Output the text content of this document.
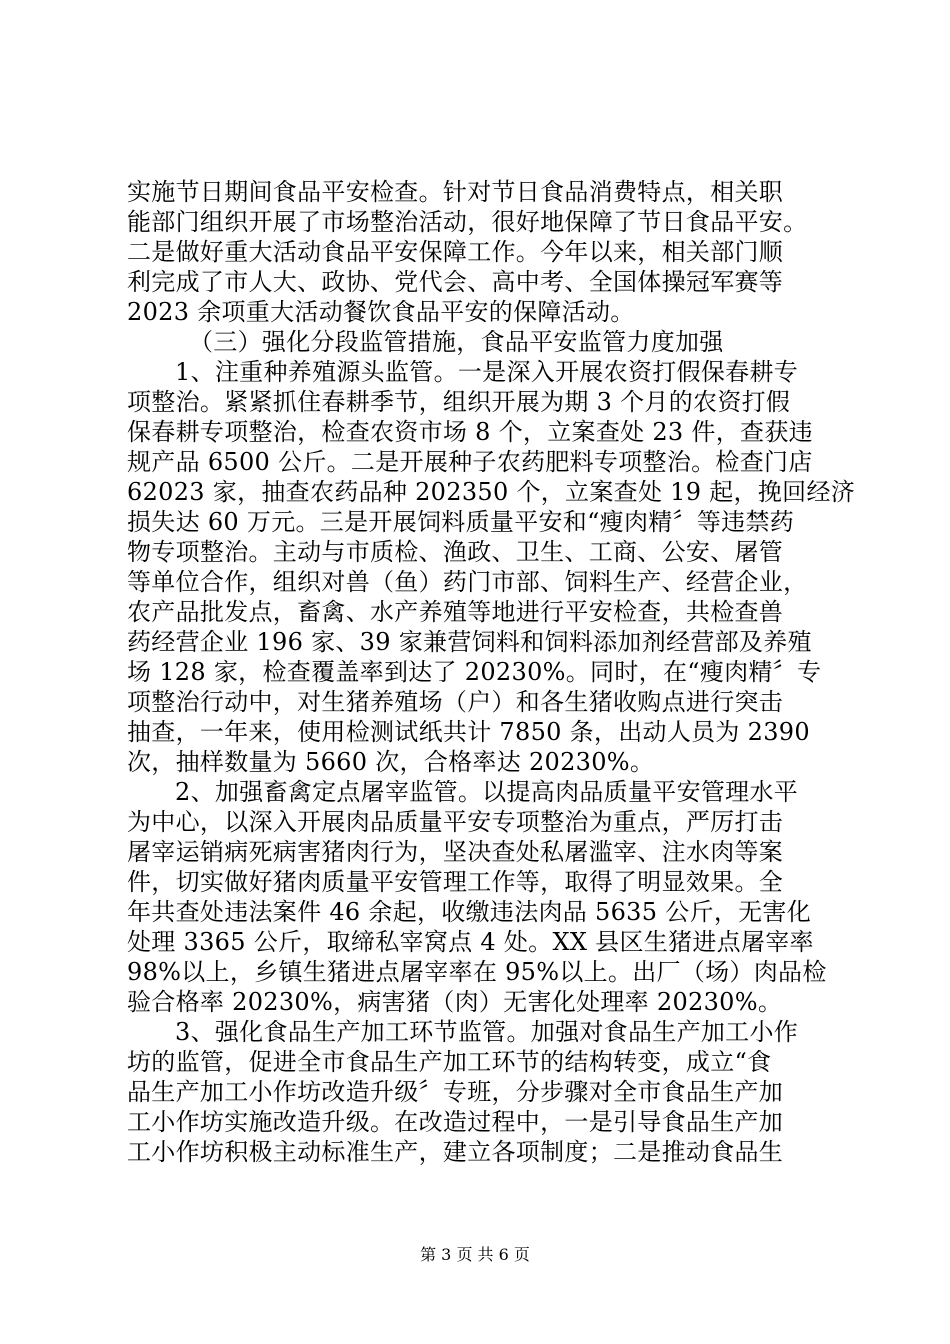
实施节日期间食品平安检查。针对节日食品消费特点，相关职
能部门组织开展了市场整治活动，很好地保障了节日食品平安。
二是做好重大活动食品平安保障工作。今年以来，相关部门顺
利完成了市人大、政协、党代会、高中考、全国体操冠军赛等
2023 余项重大活动餐饮食品平安的保障活动。
（三）强化分段监管措施，食品平安监管力度加强
1、注重种养殖源头监管。一是深入开展农资打假保春耕专
项整治。紧紧抓住春耕季节，组织开展为期 3 个月的农资打假
保春耕专项整治，检查农资市场 8 个，立案查处 23 件，查获违
规产品 6500 公斤。二是开展种子农药肥料专项整治。检查门店
62023 家，抽查农药品种 202350 个，立案查处 19 起，挽回经济
损失达 60 万元。三是开展饲料质量平安和“瘦肉精〞等违禁药
物专项整治。主动与市质检、渔政、卫生、工商、公安、屠管
等单位合作，组织对兽（鱼）药门市部、饲料生产、经营企业，
农产品批发点，畜禽、水产养殖等地进行平安检查，共检查兽
药经营企业 196 家、39 家兼营饲料和饲料添加剂经营部及养殖
场 128 家，检查覆盖率到达了 20230%。同时，在“瘦肉精〞专
项整治行动中，对生猪养殖场（户）和各生猪收购点进行突击
抽查，一年来，使用检测试纸共计 7850 条，出动人员为 2390
次，抽样数量为 5660 次，合格率达 20230%。
2、加强畜禽定点屠宰监管。以提高肉品质量平安管理水平
为中心，以深入开展肉品质量平安专项整治为重点，严厉打击
屠宰运销病死病害猪肉行为，坚决查处私屠滥宰、注水肉等案
件，切实做好猪肉质量平安管理工作等，取得了明显效果。全
年共查处违法案件 46 余起，收缴违法肉品 5635 公斤，无害化
处理 3365 公斤，取缔私宰窝点 4 处。XX 县区生猪进点屠宰率
98%以上，乡镇生猪进点屠宰率在 95%以上。出厂（场）肉品检
验合格率 20230%，病害猪（肉）无害化处理率 20230%。
3、强化食品生产加工环节监管。加强对食品生产加工小作
坊的监管，促进全市食品生产加工环节的结构转变，成立“食
品生产加工小作坊改造升级〞专班，分步骤对全市食品生产加
工小作坊实施改造升级。在改造过程中，一是引导食品生产加
工小作坊积极主动标准生产，建立各项制度；二是推动食品生
第 3 页 共 6 页
